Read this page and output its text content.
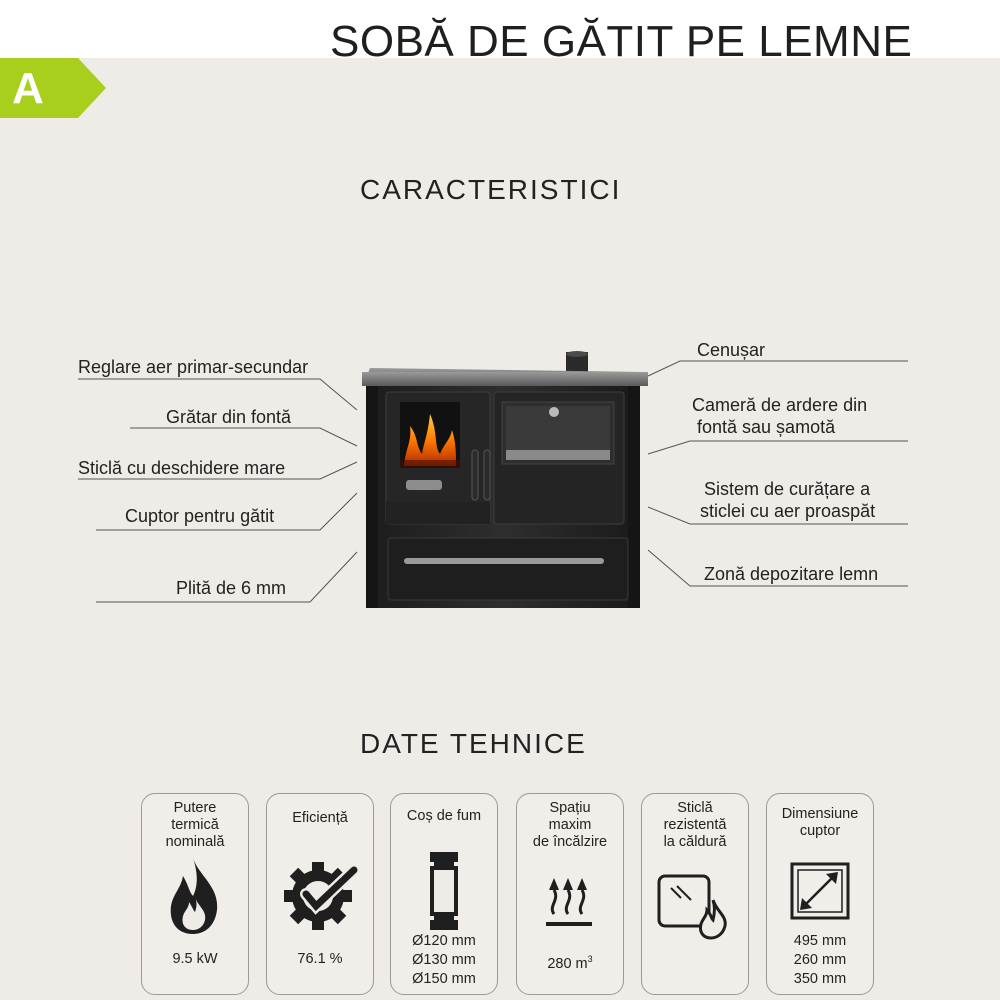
SOBĂ DE GĂTIT PE LEMNE
A
CARACTERISTICI
Reglare aer primar-secundar
Grătar din fontă
Sticlă cu deschidere mare
Cuptor pentru gătit
Plită de 6 mm
Cenușar
Cameră de ardere din
fontă sau șamotă
Sistem de curățare a
sticlei cu aer proaspăt
Zonă depozitare lemn
DATE TEHNICE
Putere
termică
nominală
9.5 kW
Eficiență
76.1 %
Coș de fum
Ø120 mm
Ø130 mm
Ø150 mm
Spațiu
maxim
de încălzire
280 $m^3$
Sticlă
rezistentă
la căldură
Dimensiune
cuptor
495 mm
260 mm
350 mm
